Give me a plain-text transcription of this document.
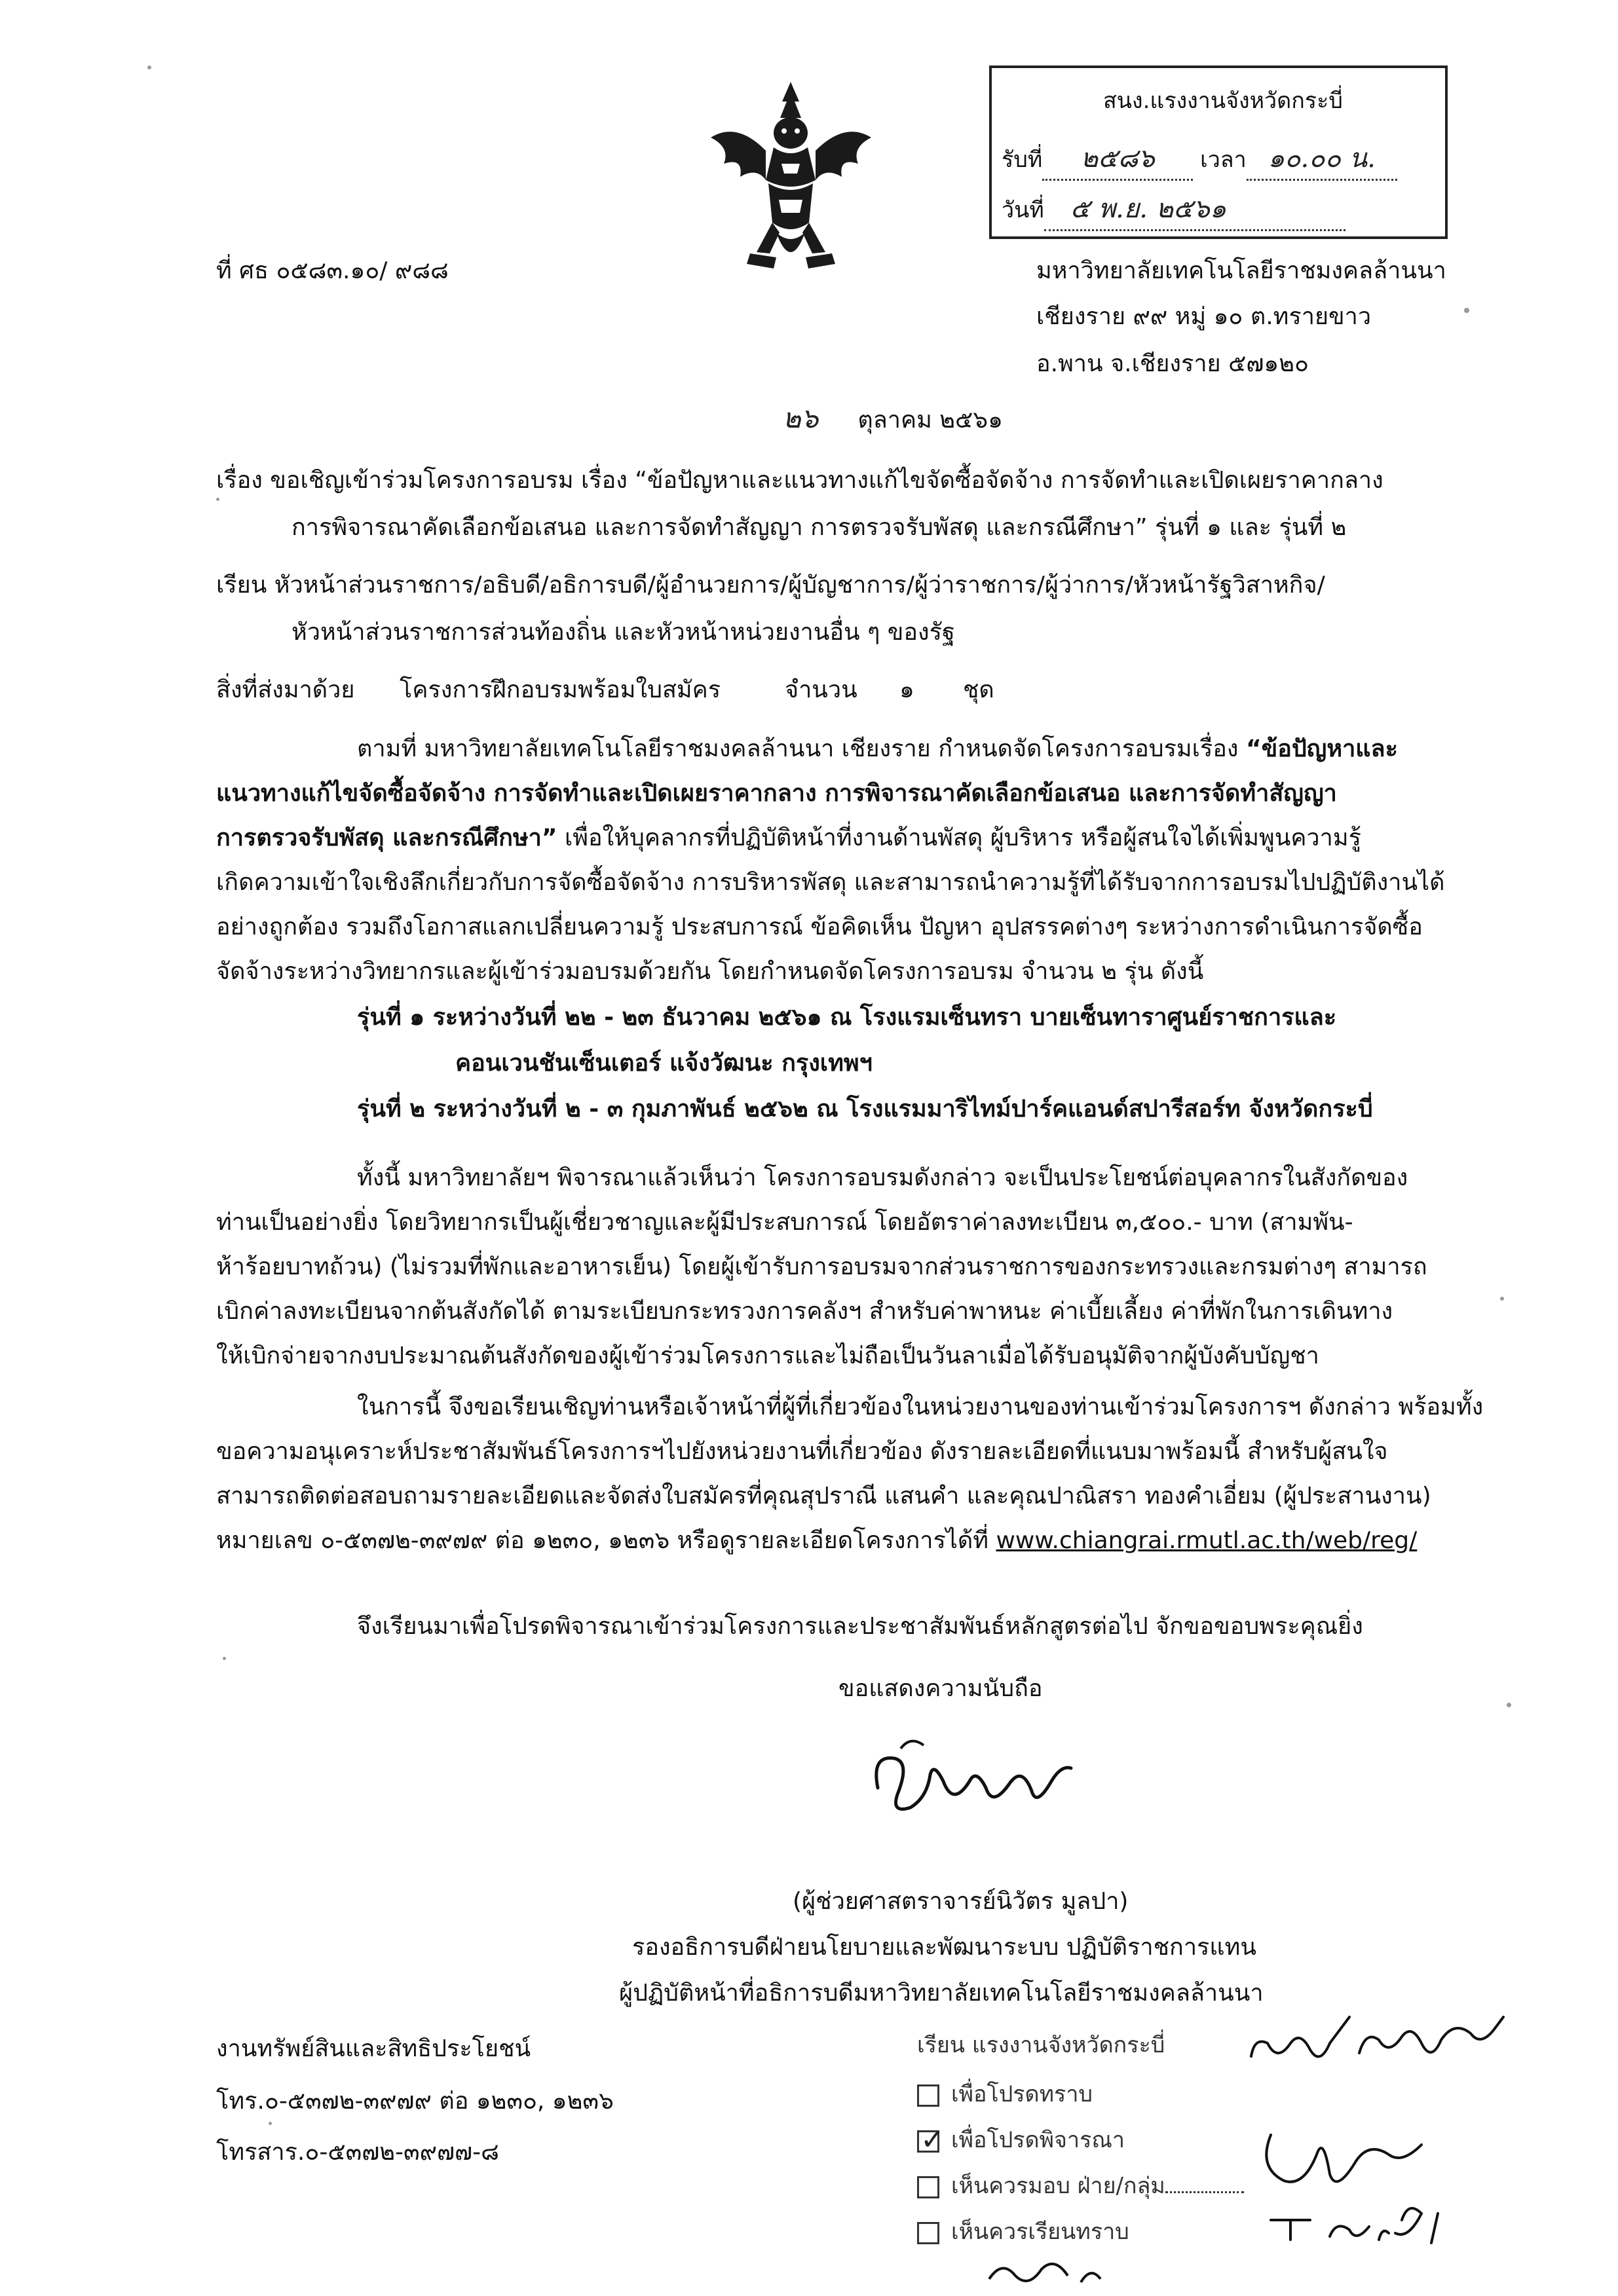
สนง.แรงงานจังหวัดกระบี่
รับที่ ๒๕๘๖ เวลา ๑๐.๐๐ น.
วันที่ ๕ พ.ย. ๒๕๖๑
ที่ ศธ ๐๕๘๓.๑๐/ ๙๘๘	มหาวิทยาลัยเทคโนโลยีราชมงคลล้านนา
เชียงราย ๙๙ หมู่ ๑๐ ต.ทรายขาว
อ.พาน จ.เชียงราย ๕๗๑๒๐
๒๖ ตุลาคม ๒๕๖๑
เรื่อง ขอเชิญเข้าร่วมโครงการอบรม เรื่อง “ข้อปัญหาและแนวทางแก้ไขจัดซื้อจัดจ้าง การจัดทำและเปิดเผยราคากลาง
การพิจารณาคัดเลือกข้อเสนอ และการจัดทำสัญญา การตรวจรับพัสดุ และกรณีศึกษา” รุ่นที่ ๑ และ รุ่นที่ ๒
เรียน หัวหน้าส่วนราชการ/อธิบดี/อธิการบดี/ผู้อำนวยการ/ผู้บัญชาการ/ผู้ว่าราชการ/ผู้ว่าการ/หัวหน้ารัฐวิสาหกิจ/
หัวหน้าส่วนราชการส่วนท้องถิ่น และหัวหน้าหน่วยงานอื่น ๆ ของรัฐ
สิ่งที่ส่งมาด้วย โครงการฝึกอบรมพร้อมใบสมัคร	จำนวน ๑ ชุด
ตามที่ มหาวิทยาลัยเทคโนโลยีราชมงคลล้านนา เชียงราย กำหนดจัดโครงการอบรมเรื่อง “ข้อปัญหาและ
แนวทางแก้ไขจัดซื้อจัดจ้าง การจัดทำและเปิดเผยราคากลาง การพิจารณาคัดเลือกข้อเสนอ และการจัดทำสัญญา
การตรวจรับพัสดุ และกรณีศึกษา” เพื่อให้บุคลากรที่ปฏิบัติหน้าที่งานด้านพัสดุ ผู้บริหาร หรือผู้สนใจได้เพิ่มพูนความรู้
เกิดความเข้าใจเชิงลึกเกี่ยวกับการจัดซื้อจัดจ้าง การบริหารพัสดุ และสามารถนำความรู้ที่ได้รับจากการอบรมไปปฏิบัติงานได้
อย่างถูกต้อง รวมถึงโอกาสแลกเปลี่ยนความรู้ ประสบการณ์ ข้อคิดเห็น ปัญหา อุปสรรคต่างๆ ระหว่างการดำเนินการจัดซื้อ
จัดจ้างระหว่างวิทยากรและผู้เข้าร่วมอบรมด้วยกัน โดยกำหนดจัดโครงการอบรม จำนวน ๒ รุ่น ดังนี้
รุ่นที่ ๑ ระหว่างวันที่ ๒๒ - ๒๓ ธันวาคม ๒๕๖๑ ณ โรงแรมเซ็นทรา บายเซ็นทาราศูนย์ราชการและ
คอนเวนชันเซ็นเตอร์ แจ้งวัฒนะ กรุงเทพฯ
รุ่นที่ ๒ ระหว่างวันที่ ๒ - ๓ กุมภาพันธ์ ๒๕๖๒ ณ โรงแรมมาริไทม์ปาร์คแอนด์สปารีสอร์ท จังหวัดกระบี่
ทั้งนี้ มหาวิทยาลัยฯ พิจารณาแล้วเห็นว่า โครงการอบรมดังกล่าว จะเป็นประโยชน์ต่อบุคลากรในสังกัดของ
ท่านเป็นอย่างยิ่ง โดยวิทยากรเป็นผู้เชี่ยวชาญและผู้มีประสบการณ์ โดยอัตราค่าลงทะเบียน ๓,๕๐๐.- บาท (สามพัน-
ห้าร้อยบาทถ้วน) (ไม่รวมที่พักและอาหารเย็น) โดยผู้เข้ารับการอบรมจากส่วนราชการของกระทรวงและกรมต่างๆ สามารถ
เบิกค่าลงทะเบียนจากต้นสังกัดได้ ตามระเบียบกระทรวงการคลังฯ สำหรับค่าพาหนะ ค่าเบี้ยเลี้ยง ค่าที่พักในการเดินทาง
ให้เบิกจ่ายจากงบประมาณต้นสังกัดของผู้เข้าร่วมโครงการและไม่ถือเป็นวันลาเมื่อได้รับอนุมัติจากผู้บังคับบัญชา
ในการนี้ จึงขอเรียนเชิญท่านหรือเจ้าหน้าที่ผู้ที่เกี่ยวข้องในหน่วยงานของท่านเข้าร่วมโครงการฯ ดังกล่าว พร้อมทั้ง
ขอความอนุเคราะห์ประชาสัมพันธ์โครงการฯไปยังหน่วยงานที่เกี่ยวข้อง ดังรายละเอียดที่แนบมาพร้อมนี้ สำหรับผู้สนใจ
สามารถติดต่อสอบถามรายละเอียดและจัดส่งใบสมัครที่คุณสุปราณี แสนคำ และคุณปาณิสรา ทองคำเอี่ยม (ผู้ประสานงาน)
หมายเลข ๐-๕๓๗๒-๓๙๗๙ ต่อ ๑๒๓๐, ๑๒๓๖ หรือดูรายละเอียดโครงการได้ที่ www.chiangrai.rmutl.ac.th/web/reg/
จึงเรียนมาเพื่อโปรดพิจารณาเข้าร่วมโครงการและประชาสัมพันธ์หลักสูตรต่อไป จักขอขอบพระคุณยิ่ง
ขอแสดงความนับถือ
(ผู้ช่วยศาสตราจารย์นิวัตร มูลปา)
รองอธิการบดีฝ่ายนโยบายและพัฒนาระบบ ปฏิบัติราชการแทน
ผู้ปฏิบัติหน้าที่อธิการบดีมหาวิทยาลัยเทคโนโลยีราชมงคลล้านนา
งานทรัพย์สินและสิทธิประโยชน์
โทร.๐-๕๓๗๒-๓๙๗๙ ต่อ ๑๒๓๐, ๑๒๓๖
โทรสาร.๐-๕๓๗๒-๓๙๗๗-๘
เรียน แรงงานจังหวัดกระบี่
เพื่อโปรดทราบ
✓เพื่อโปรดพิจารณา
เห็นควรมอบ ฝ่าย/กลุ่ม
เห็นควรเรียนทราบ
